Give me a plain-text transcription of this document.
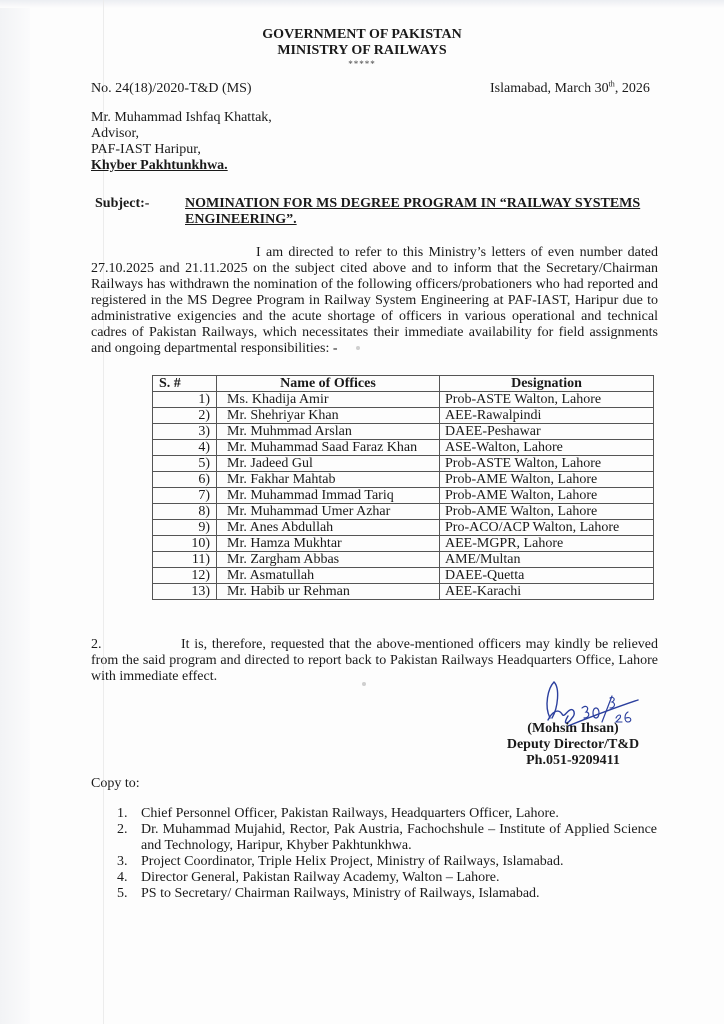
GOVERNMENT OF PAKISTAN
MINISTRY OF RAILWAYS
*****
No. 24(18)/2020-T&D (MS)	Islamabad, March 30th, 2026
Mr. Muhammad Ishfaq Khattak,
Advisor,
PAF-IAST Haripur,
Khyber Pakhtunkhwa.
Subject:-	NOMINATION FOR MS DEGREE PROGRAM IN “RAILWAY SYSTEMS ENGINEERING”.
I am directed to refer to this Ministry’s letters of even number dated 27.10.2025 and 21.11.2025 on the subject cited above and to inform that the Secretary/Chairman Railways has withdrawn the nomination of the following officers/probationers who had reported and registered in the MS Degree Program in Railway System Engineering at PAF-IAST, Haripur due to administrative exigencies and the acute shortage of officers in various operational and technical cadres of Pakistan Railways, which necessitates their immediate availability for field assignments and ongoing departmental responsibilities: -
S. #	Name of Offices	Designation
1)	Ms. Khadija Amir	Prob-ASTE Walton, Lahore
2)	Mr. Shehriyar Khan	AEE-Rawalpindi
3)	Mr. Muhmmad Arslan	DAEE-Peshawar
4)	Mr. Muhammad Saad Faraz Khan	ASE-Walton, Lahore
5)	Mr. Jadeed Gul	Prob-ASTE Walton, Lahore
6)	Mr. Fakhar Mahtab	Prob-AME Walton, Lahore
7)	Mr. Muhammad Immad Tariq	Prob-AME Walton, Lahore
8)	Mr. Muhammad Umer Azhar	Prob-AME Walton, Lahore
9)	Mr. Anes Abdullah	Pro-ACO/ACP Walton, Lahore
10)	Mr. Hamza Mukhtar	AEE-MGPR, Lahore
11)	Mr. Zargham Abbas	AME/Multan
12)	Mr. Asmatullah	DAEE-Quetta
13)	Mr. Habib ur Rehman	AEE-Karachi
2.	It is, therefore, requested that the above-mentioned officers may kindly be relieved from the said program and directed to report back to Pakistan Railways Headquarters Office, Lahore with immediate effect.
(Mohsin Ihsan)
Deputy Director/T&D
Ph.051-9209411
Copy to:
1. Chief Personnel Officer, Pakistan Railways, Headquarters Officer, Lahore.
2. Dr. Muhammad Mujahid, Rector, Pak Austria, Fachochshule – Institute of Applied Science and Technology, Haripur, Khyber Pakhtunkhwa.
3. Project Coordinator, Triple Helix Project, Ministry of Railways, Islamabad.
4. Director General, Pakistan Railway Academy, Walton – Lahore.
5. PS to Secretary/ Chairman Railways, Ministry of Railways, Islamabad.
